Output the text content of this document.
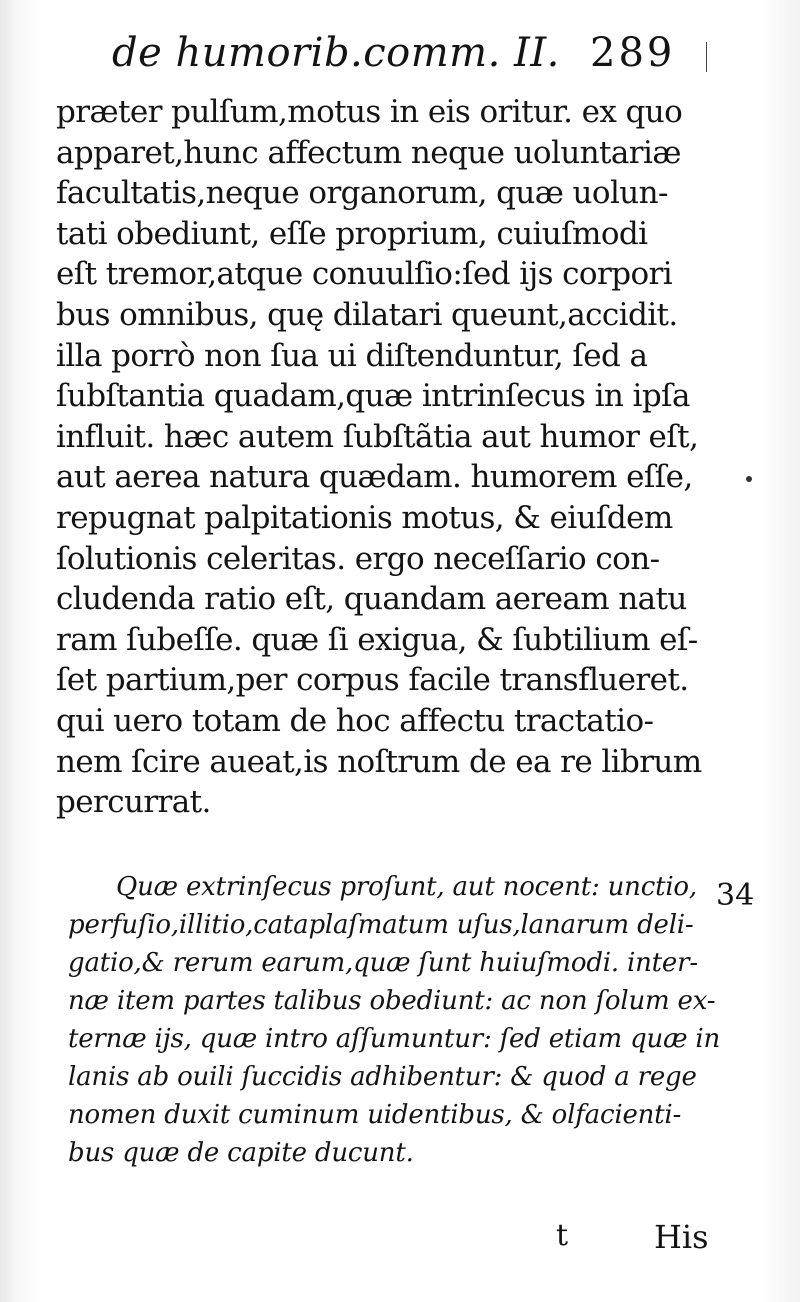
de humorib.comm. II. 289
præter pulſum,motus in eis oritur. ex quo
apparet,hunc affectum neque uoluntariæ
facultatis,neque organorum, quæ uolun-
tati obediunt, eſſe proprium, cuiuſmodi
eſt tremor,atque conuulſio:ſed ijs corpori
bus omnibus, quę dilatari queunt,accidit.
illa porrò non ſua ui diſtenduntur, ſed a
ſubſtantia quadam,quæ intrinſecus in ipſa
influit. hæc autem ſubſtãtia aut humor eſt,
aut aerea natura quædam. humorem eſſe,
repugnat palpitationis motus, & eiuſdem
ſolutionis celeritas. ergo neceſſario con-
cludenda ratio eſt, quandam aeream natu
ram ſubeſſe. quæ ſi exigua, & ſubtilium eſ-
ſet partium,per corpus facile transflueret.
qui uero totam de hoc affectu tractatio-
nem ſcire aueat,is noſtrum de ea re librum
percurrat.
Quæ extrinſecus proſunt, aut nocent: unctio,
perfuſio,illitio,cataplaſmatum uſus,lanarum deli-
gatio,& rerum earum,quæ ſunt huiuſmodi. inter-
næ item partes talibus obediunt: ac non ſolum ex-
ternæ ijs, quæ intro aſſumuntur: ſed etiam quæ in
lanis ab ouili ſuccidis adhibentur: & quod a rege
nomen duxit cuminum uidentibus, & olfacienti-
bus quæ de capite ducunt.
34
t	His
